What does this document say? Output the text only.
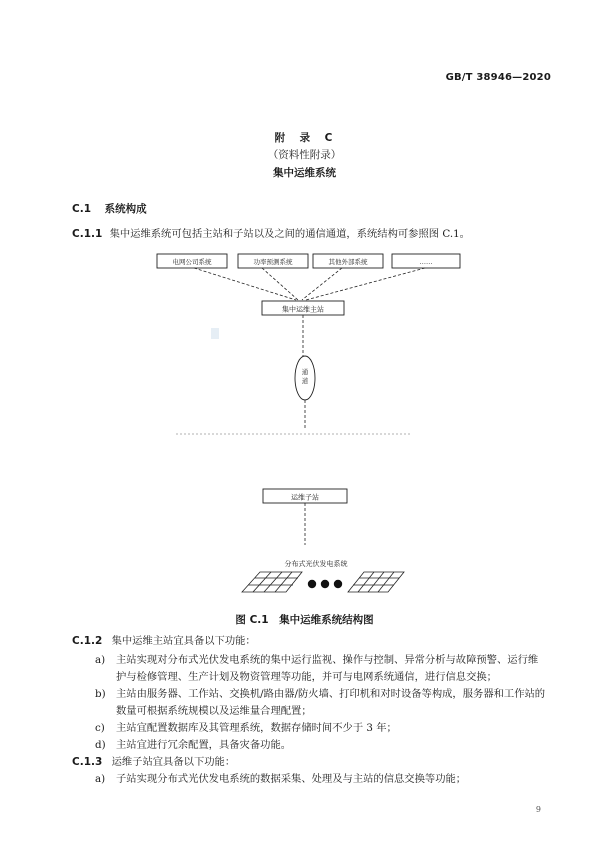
GB/T 38946—2020
附　录　C
（资料性附录）
集中运维系统
C.1 系统构成
C.1.1 集中运维系统可包括主站和子站以及之间的通信通道，系统结构可参照图 C.1。
电网公司系统	功率预测系统	其他外部系统	……
集中运维主站
通
道
运维子站
分布式光伏发电系统
图 C.1　集中运维系统结构图
C.1.2 集中运维主站宜具备以下功能：
a) 主站实现对分布式光伏发电系统的集中运行监视、操作与控制、异常分析与故障预警、运行维
护与检修管理、生产计划及物资管理等功能，并可与电网系统通信，进行信息交换；
b) 主站由服务器、工作站、交换机/路由器/防火墙、打印机和对时设备等构成，服务器和工作站的
数量可根据系统规模以及运维量合理配置；
c) 主站宜配置数据库及其管理系统，数据存储时间不少于 3 年；
d) 主站宜进行冗余配置，具备灾备功能。
C.1.3 运维子站宜具备以下功能：
a) 子站实现分布式光伏发电系统的数据采集、处理及与主站的信息交换等功能；
9
